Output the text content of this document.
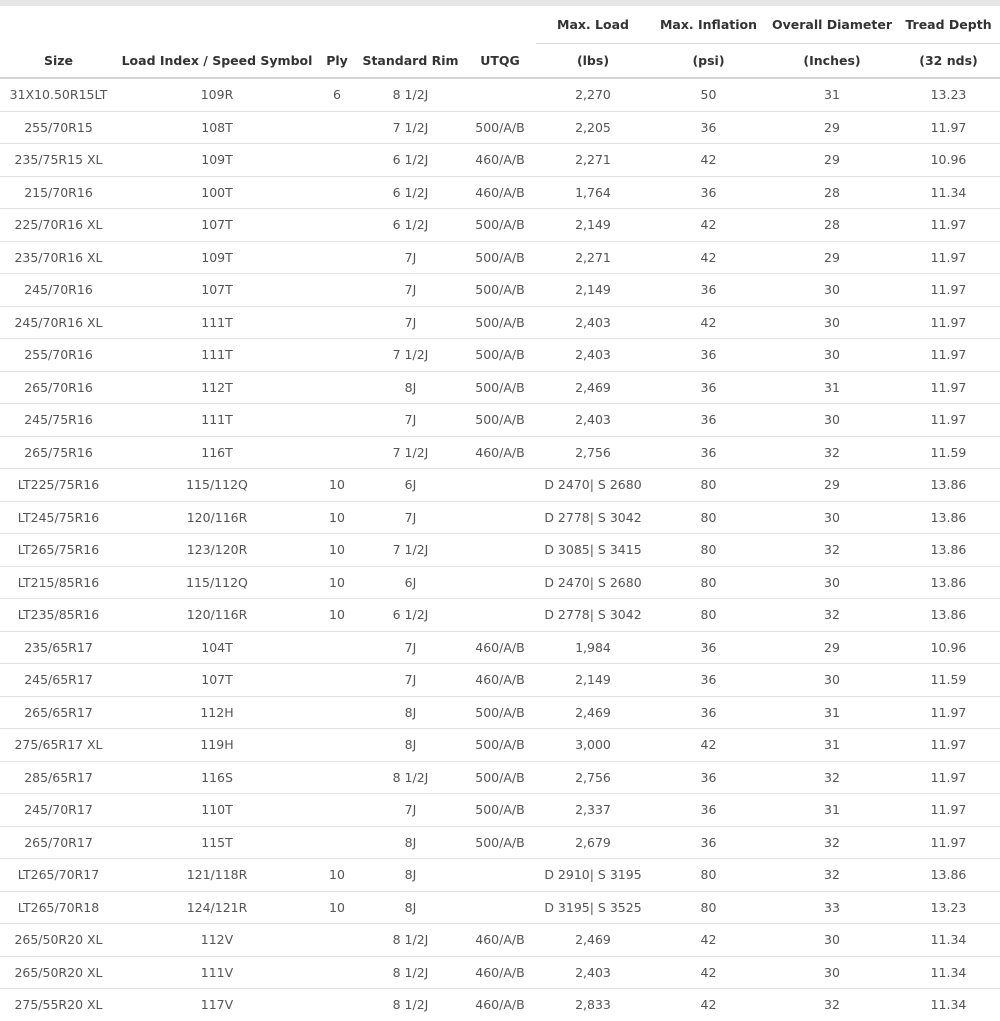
					Max. Load	Max. Inflation	Overall Diameter	Tread Depth
Size	Load Index / Speed Symbol	Ply	Standard Rim	UTQG	(lbs)	(psi)	(Inches)	(32 nds)
31X10.50R15LT	109R	6	8 1/2J		2,270	50	31	13.23
255/70R15	108T		7 1/2J	500/A/B	2,205	36	29	11.97
235/75R15 XL	109T		6 1/2J	460/A/B	2,271	42	29	10.96
215/70R16	100T		6 1/2J	460/A/B	1,764	36	28	11.34
225/70R16 XL	107T		6 1/2J	500/A/B	2,149	42	28	11.97
235/70R16 XL	109T		7J	500/A/B	2,271	42	29	11.97
245/70R16	107T		7J	500/A/B	2,149	36	30	11.97
245/70R16 XL	111T		7J	500/A/B	2,403	42	30	11.97
255/70R16	111T		7 1/2J	500/A/B	2,403	36	30	11.97
265/70R16	112T		8J	500/A/B	2,469	36	31	11.97
245/75R16	111T		7J	500/A/B	2,403	36	30	11.97
265/75R16	116T		7 1/2J	460/A/B	2,756	36	32	11.59
LT225/75R16	115/112Q	10	6J		D 2470| S 2680	80	29	13.86
LT245/75R16	120/116R	10	7J		D 2778| S 3042	80	30	13.86
LT265/75R16	123/120R	10	7 1/2J		D 3085| S 3415	80	32	13.86
LT215/85R16	115/112Q	10	6J		D 2470| S 2680	80	30	13.86
LT235/85R16	120/116R	10	6 1/2J		D 2778| S 3042	80	32	13.86
235/65R17	104T		7J	460/A/B	1,984	36	29	10.96
245/65R17	107T		7J	460/A/B	2,149	36	30	11.59
265/65R17	112H		8J	500/A/B	2,469	36	31	11.97
275/65R17 XL	119H		8J	500/A/B	3,000	42	31	11.97
285/65R17	116S		8 1/2J	500/A/B	2,756	36	32	11.97
245/70R17	110T		7J	500/A/B	2,337	36	31	11.97
265/70R17	115T		8J	500/A/B	2,679	36	32	11.97
LT265/70R17	121/118R	10	8J		D 2910| S 3195	80	32	13.86
LT265/70R18	124/121R	10	8J		D 3195| S 3525	80	33	13.23
265/50R20 XL	112V		8 1/2J	460/A/B	2,469	42	30	11.34
265/50R20 XL	111V		8 1/2J	460/A/B	2,403	42	30	11.34
275/55R20 XL	117V		8 1/2J	460/A/B	2,833	42	32	11.34
